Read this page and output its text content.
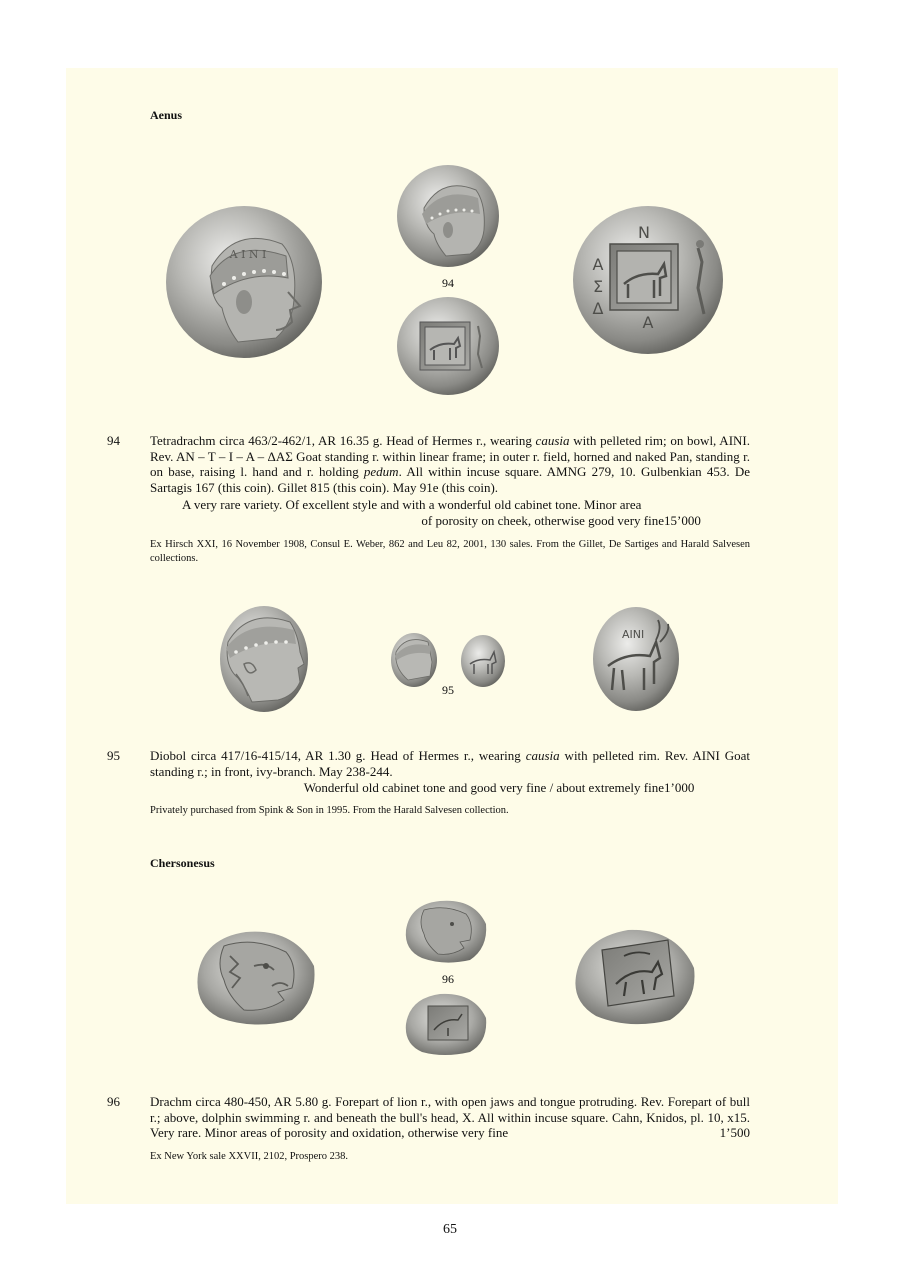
Aenus
A I N I
94
Ν
Α
Δ
Σ
Α
94 Tetradrachm circa 463/2-462/1, AR 16.35 g. Head of Hermes r., wearing causia with pelleted rim; on bowl, AINI. Rev. AN – T – I – A – ΔΑΣ Goat standing r. within linear frame; in outer r. field, horned and naked Pan, standing r. on base, raising l. hand and r. holding pedum. All within incuse square. AMNG 279, 10. Gulbenkian 453. De Sartagis 167 (this coin). Gillet 815 (this coin). May 91e (this coin).
A very rare variety. Of excellent style and with a wonderful old cabinet tone. Minor area
of porosity on cheek, otherwise good very fine 15’000
Ex Hirsch XXI, 16 November 1908, Consul E. Weber, 862 and Leu 82, 2001, 130 sales. From the Gillet, De Sartiges and Harald Salvesen collections.
95
AINI
95 Diobol circa 417/16-415/14, AR 1.30 g. Head of Hermes r., wearing causia with pelleted rim. Rev. AINI Goat standing r.; in front, ivy-branch. May 238-244.
Wonderful old cabinet tone and good very fine / about extremely fine 1’000
Privately purchased from Spink & Son in 1995. From the Harald Salvesen collection.
Chersonesus
96
96 Drachm circa 480-450, AR 5.80 g. Forepart of lion r., with open jaws and tongue protruding. Rev. Forepart of bull r.; above, dolphin swimming r. and beneath the bull's head, X. All within incuse square. Cahn, Knidos, pl. 10, x15. Very rare. Minor areas of porosity and oxidation, otherwise very fine	1’500
Ex New York sale XXVII, 2102, Prospero 238.
65
